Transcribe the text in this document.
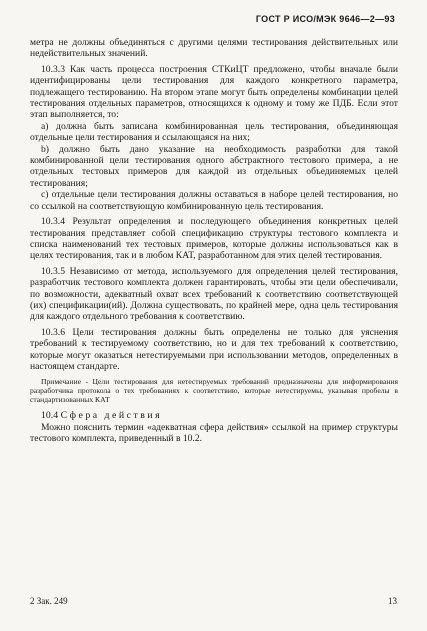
ГОСТ Р ИСО/МЭК 9646—2—93

метра не должны объединяться с другими целями тестирования действительных или недействительных значений.

10.3.3 Как часть процесса построения СТКиЦТ предложено, чтобы вначале были идентифицированы цели тестирования для каждого конкретного параметра, подлежащего тестированию. На втором этапе могут быть определены комбинации целей тестирования отдельных параметров, относящихся к одному и тому же ПДБ. Если этот этап выполняется, то:

а) должна быть записана комбинированная цель тестирования, объединяющая отдельные цели тестирования и ссылающаяся на них;

b) должно быть дано указание на необходимость разработки для такой комбинированной цели тестирования одного абстрактного тестового примера, а не отдельных тестовых примеров для каждой из отдельных объединяемых целей тестирования;

с) отдельные цели тестирования должны оставаться в наборе целей тестирования, но со ссылкой на соответствующую комбинированную цель тестирования.

10.3.4 Результат определения и последующего объединения конкретных целей тестирования представляет собой спецификацию структуры тестового комплекта и списка наименований тех тестовых примеров, которые должны использоваться как в целях тестирования, так и в любом КАТ, разработанном для этих целей тестирования.

10.3.5 Независимо от метода, используемого для определения целей тестирования, разработчик тестового комплекта должен гарантировать, чтобы эти цели обеспечивали, по возможности, адекватный охват всех требований к соответствию соответствующей (их) спецификации(ий). Должна существовать, по крайней мере, одна цель тестирования для каждого отдельного требования к соответствию.

10.3.6 Цели тестирования должны быть определены не только для уяснения требований к тестируемому соответствию, но и для тех требований к соответствию, которые могут оказаться нетестируемыми при использовании методов, определенных в настоящем стандарте.

Примечание - Цели тестирования для нетестируемых требований предназначены для информирования разработчика протокола о тех требованиях к соответствию, которые нетестируемы, указывая пробелы в стандартизованных КАТ
10.4 Сфера действия

Можно пояснить термин «адекватная сфера действия» ссылкой на пример структуры тестового комплекта, приведенный в 10.2.

2 Зак. 249	13
